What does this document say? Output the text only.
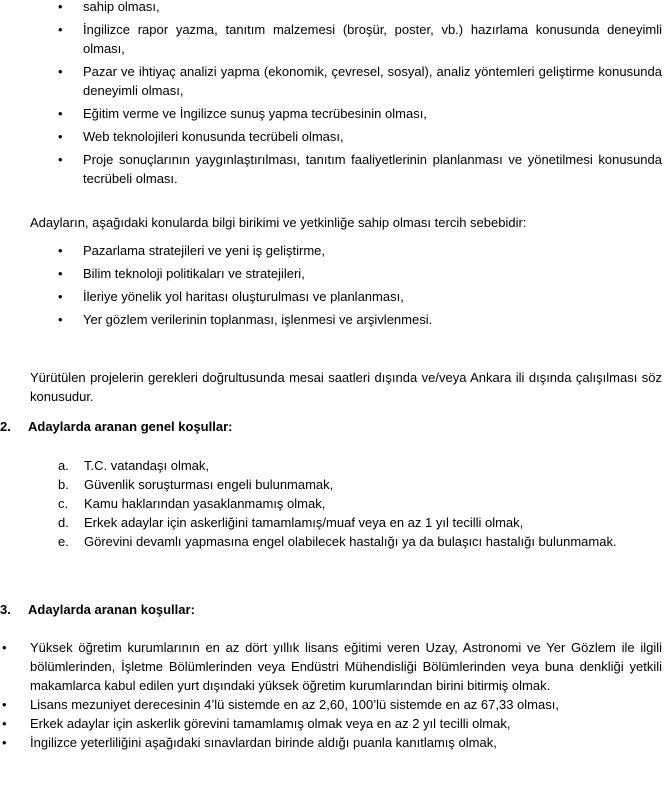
• sahip olması,
• İngilizce rapor yazma, tanıtım malzemesi (broşür, poster, vb.) hazırlama konusunda deneyimli olması,
• Pazar ve ihtiyaç analizi yapma (ekonomik, çevresel, sosyal), analiz yöntemleri geliştirme konusunda deneyimli olması,
• Eğitim verme ve İngilizce sunuş yapma tecrübesinin olması,
• Web teknolojileri konusunda tecrübeli olması,
• Proje sonuçlarının yaygınlaştırılması, tanıtım faaliyetlerinin planlanması ve yönetilmesi konusunda tecrübeli olması.
Adayların, aşağıdaki konularda bilgi birikimi ve yetkinliğe sahip olması tercih sebebidir:
• Pazarlama stratejileri ve yeni iş geliştirme,
• Bilim teknoloji politikaları ve stratejileri,
• İleriye yönelik yol haritası oluşturulması ve planlanması,
• Yer gözlem verilerinin toplanması, işlenmesi ve arşivlenmesi.
Yürütülen projelerin gerekleri doğrultusunda mesai saatleri dışında ve/veya Ankara ili dışında çalışılması söz konusudur.
2. Adaylarda aranan genel koşullar:
a. T.C. vatandaşı olmak,
b. Güvenlik soruşturması engeli bulunmamak,
c. Kamu haklarından yasaklanmamış olmak,
d. Erkek adaylar için askerliğini tamamlamış/muaf veya en az 1 yıl tecilli olmak,
e. Görevini devamlı yapmasına engel olabilecek hastalığı ya da bulaşıcı hastalığı bulunmamak.
3. Adaylarda aranan koşullar:
• Yüksek öğretim kurumlarının en az dört yıllık lisans eğitimi veren Uzay, Astronomi ve Yer Gözlem ile ilgili bölümlerinden, İşletme Bölümlerinden veya Endüstri Mühendisliği Bölümlerinden veya buna denkliği yetkili makamlarca kabul edilen yurt dışındaki yüksek öğretim kurumlarından birini bitirmiş olmak.
• Lisans mezuniyet derecesinin 4’lü sistemde en az 2,60, 100’lü sistemde en az 67,33 olması,
• Erkek adaylar için askerlik görevini tamamlamış olmak veya en az 2 yıl tecilli olmak,
• İngilizce yeterliliğini aşağıdaki sınavlardan birinde aldığı puanla kanıtlamış olmak,
